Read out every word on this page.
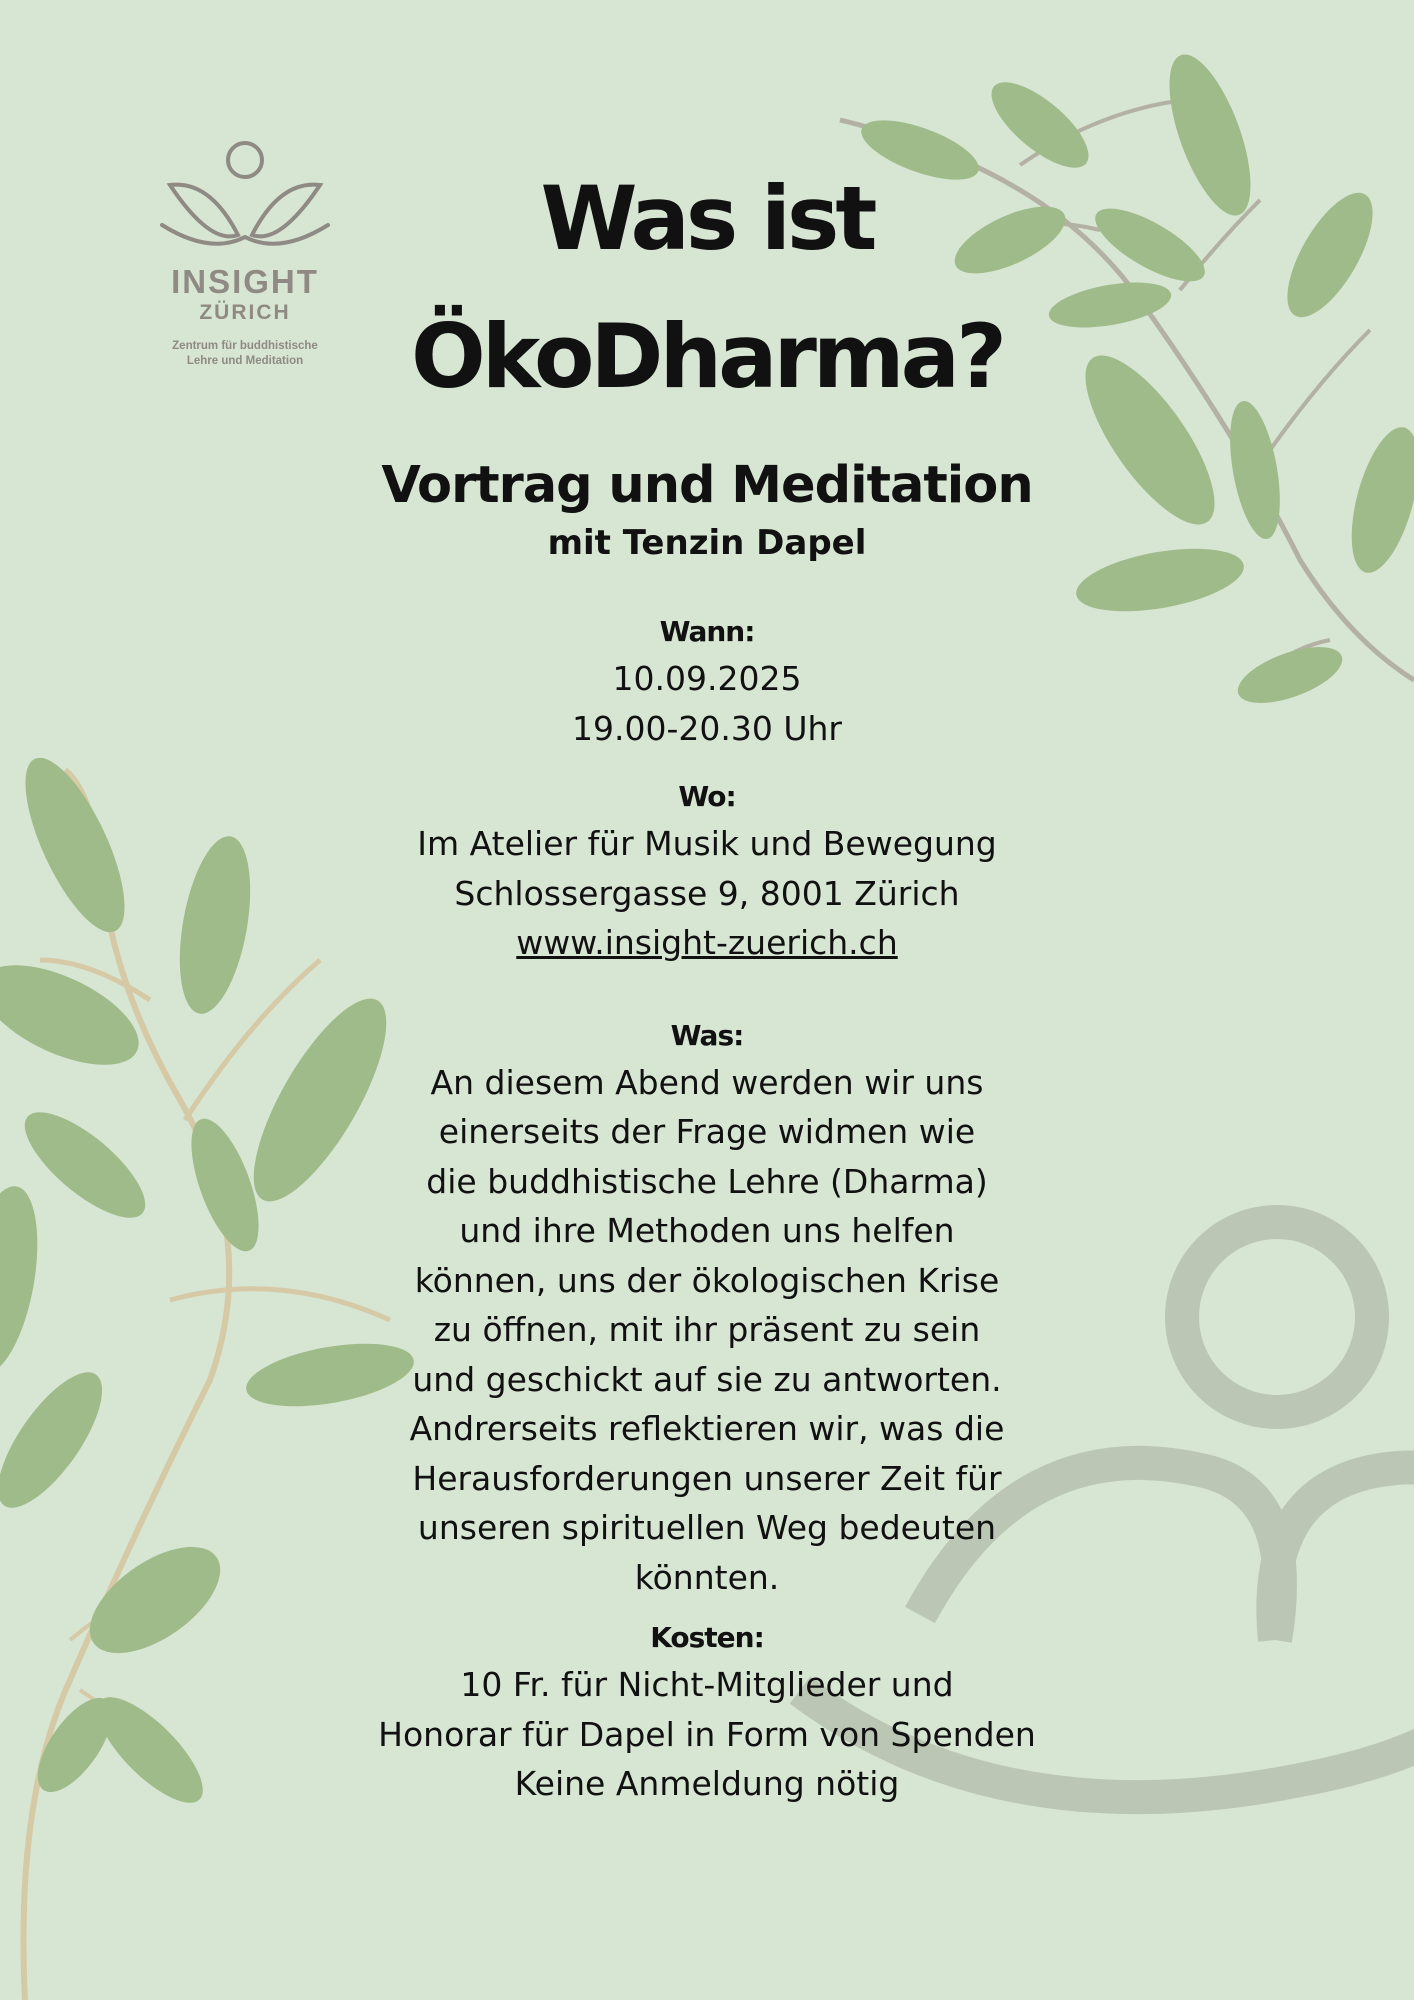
INSIGHT
ZÜRICH
Zentrum für buddhistische
Lehre und Meditation
Was ist
ÖkoDharma?
Vortrag und Meditation
mit Tenzin Dapel
Wann:
10.09.2025
19.00-20.30 Uhr
Wo:
Im Atelier für Musik und Bewegung
Schlossergasse 9, 8001 Zürich
www.insight-zuerich.ch
Was:
An diesem Abend werden wir uns
einerseits der Frage widmen wie
die buddhistische Lehre (Dharma)
und ihre Methoden uns helfen
können, uns der ökologischen Krise
zu öffnen, mit ihr präsent zu sein
und geschickt auf sie zu antworten.
Andrerseits reflektieren wir, was die
Herausforderungen unserer Zeit für
unseren spirituellen Weg bedeuten
könnten.
Kosten:
10 Fr. für Nicht-Mitglieder und
Honorar für Dapel in Form von Spenden
Keine Anmeldung nötig
